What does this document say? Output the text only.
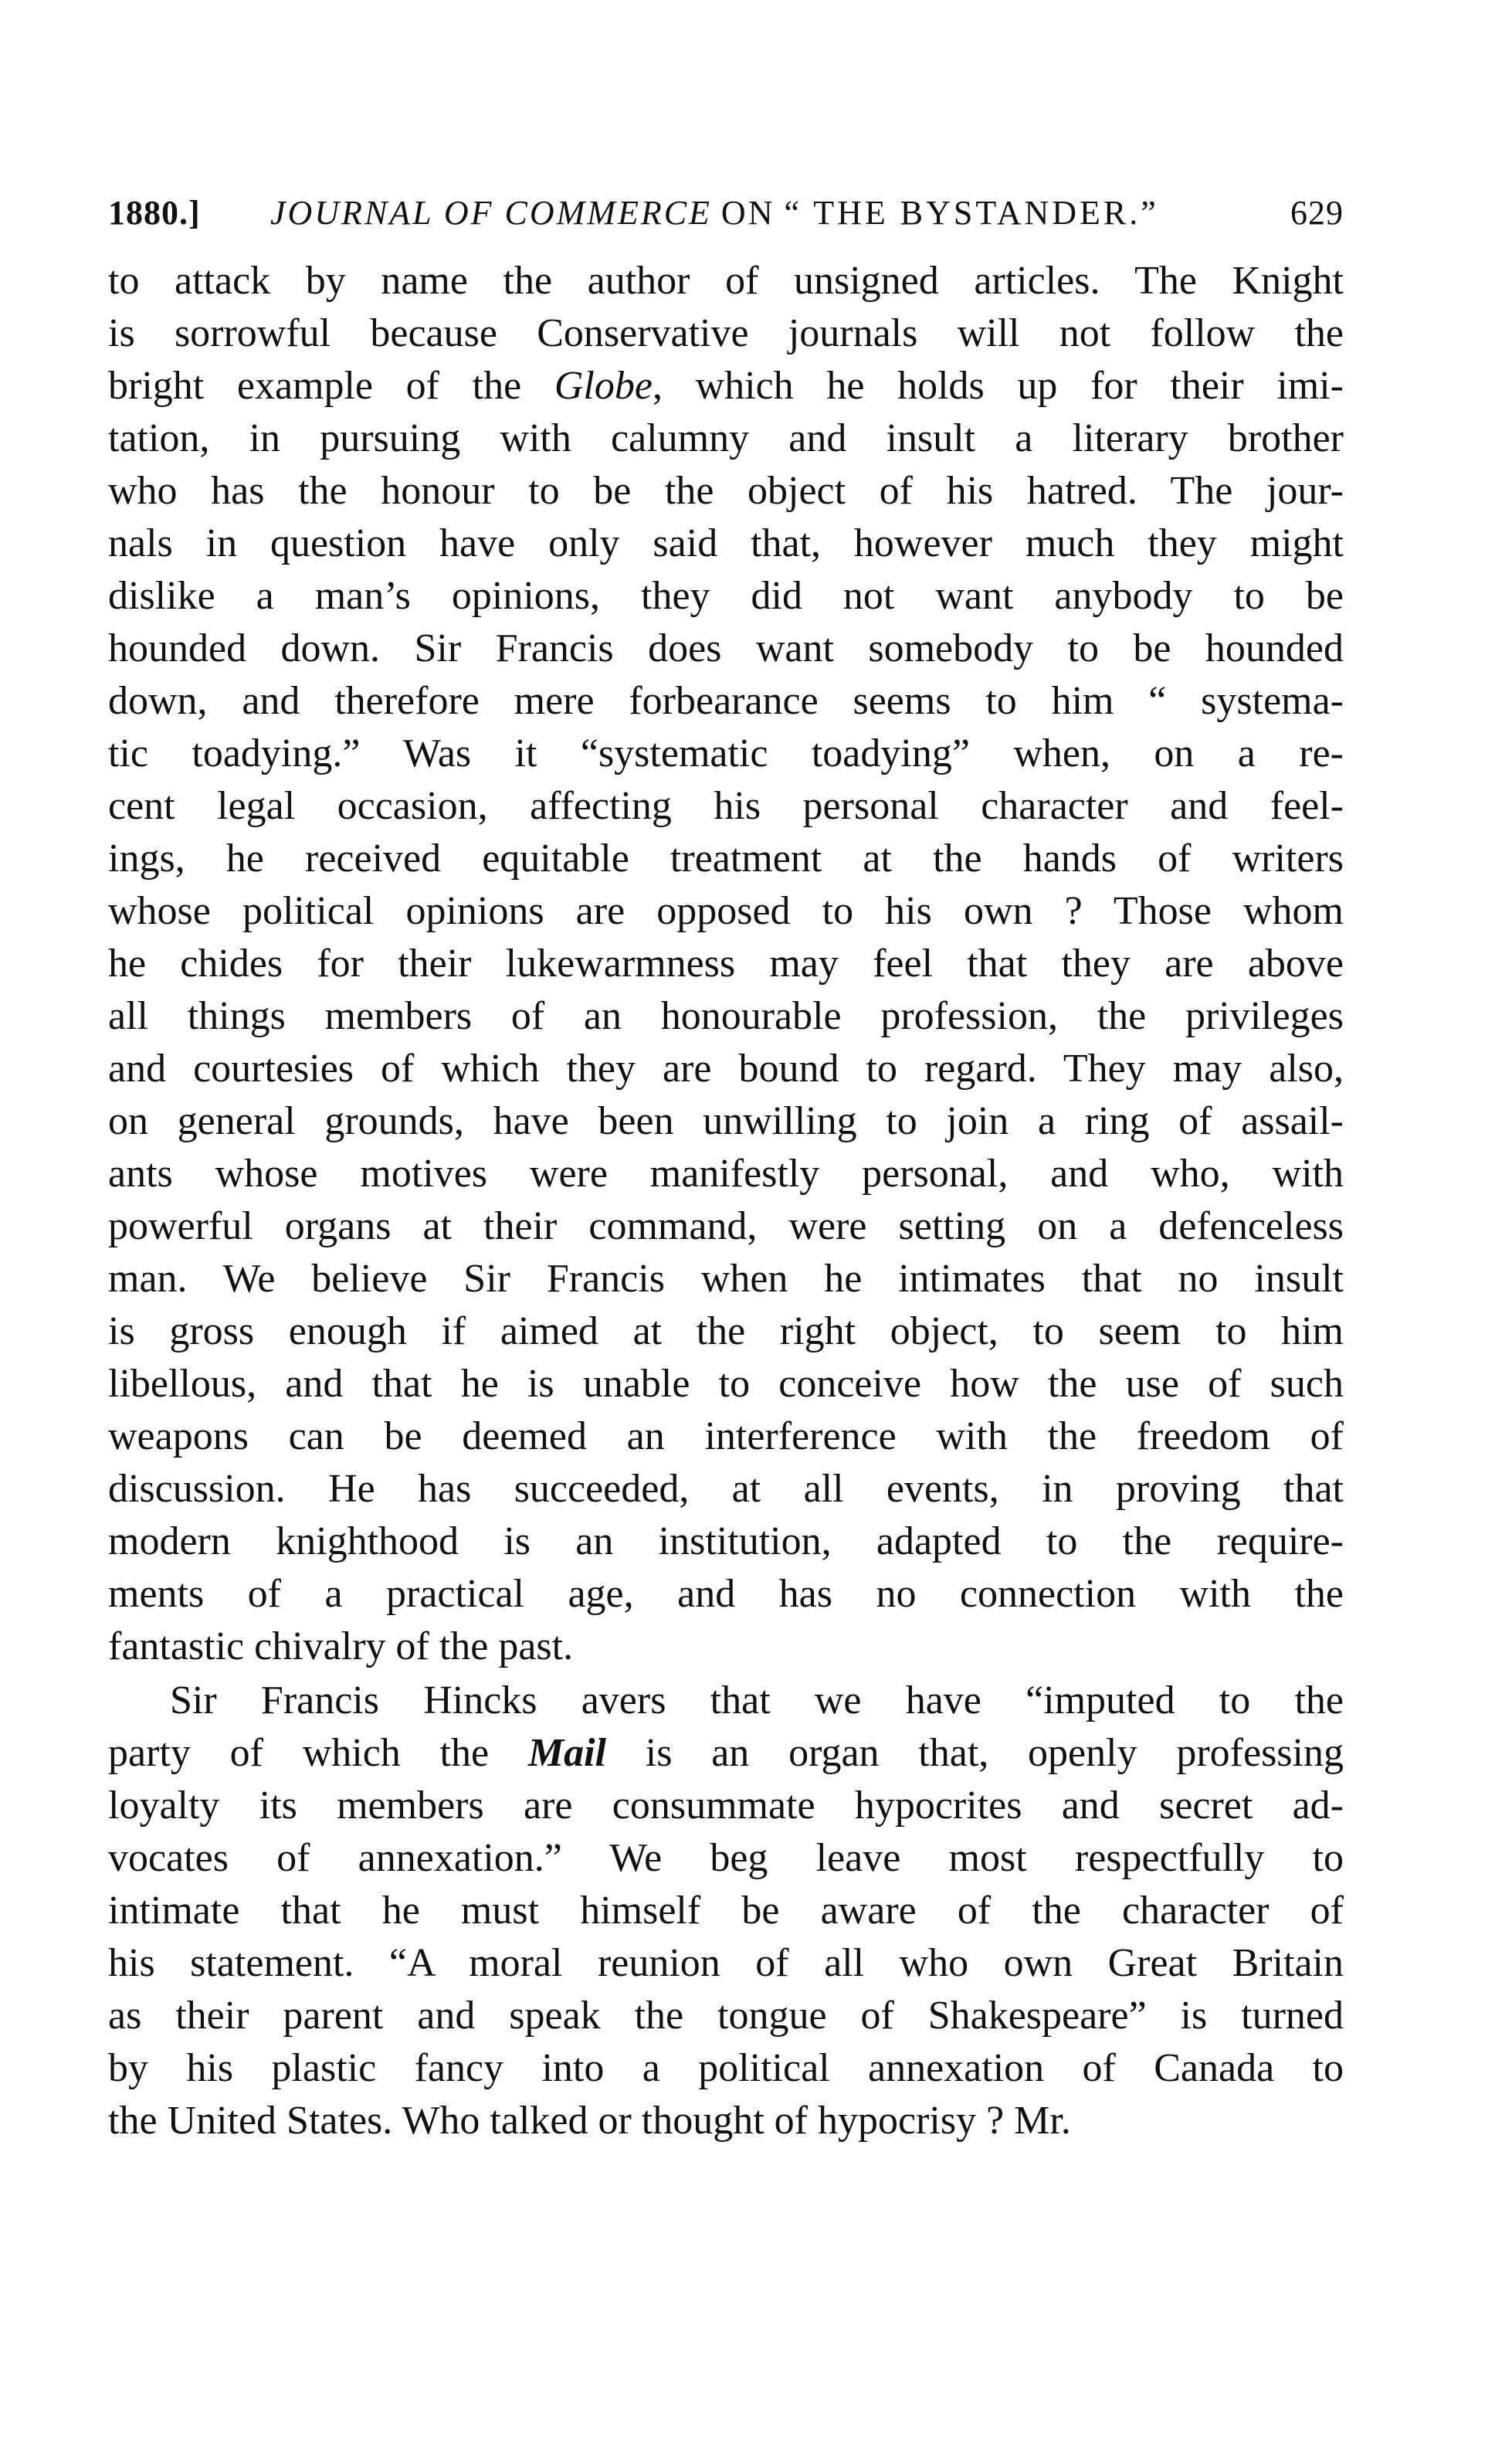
1880.] JOURNAL OF COMMERCE ON “ THE BYSTANDER.”	629
to attack by name the author of unsigned articles. The Knight
is sorrowful because Conservative journals will not follow the
bright example of the Globe, which he holds up for their imi-
tation, in pursuing with calumny and insult a literary brother
who has the honour to be the object of his hatred. The jour-
nals in question have only said that, however much they might
dislike a man’s opinions, they did not want anybody to be
hounded down. Sir Francis does want somebody to be hounded
down, and therefore mere forbearance seems to him “ systema-
tic toadying.” Was it “systematic toadying” when, on a re-
cent legal occasion, affecting his personal character and feel-
ings, he received equitable treatment at the hands of writers
whose political opinions are opposed to his own ? Those whom
he chides for their lukewarmness may feel that they are above
all things members of an honourable profession, the privileges
and courtesies of which they are bound to regard. They may also,
on general grounds, have been unwilling to join a ring of assail-
ants whose motives were manifestly personal, and who, with
powerful organs at their command, were setting on a defenceless
man. We believe Sir Francis when he intimates that no insult
is gross enough if aimed at the right object, to seem to him
libellous, and that he is unable to conceive how the use of such
weapons can be deemed an interference with the freedom of
discussion. He has succeeded, at all events, in proving that
modern knighthood is an institution, adapted to the require-
ments of a practical age, and has no connection with the
fantastic chivalry of the past.
Sir Francis Hincks avers that we have “imputed to the
party of which the Mail is an organ that, openly professing
loyalty its members are consummate hypocrites and secret ad-
vocates of annexation.” We beg leave most respectfully to
intimate that he must himself be aware of the character of
his statement. “A moral reunion of all who own Great Britain
as their parent and speak the tongue of Shakespeare” is turned
by his plastic fancy into a political annexation of Canada to
the United States. Who talked or thought of hypocrisy ? Mr.
